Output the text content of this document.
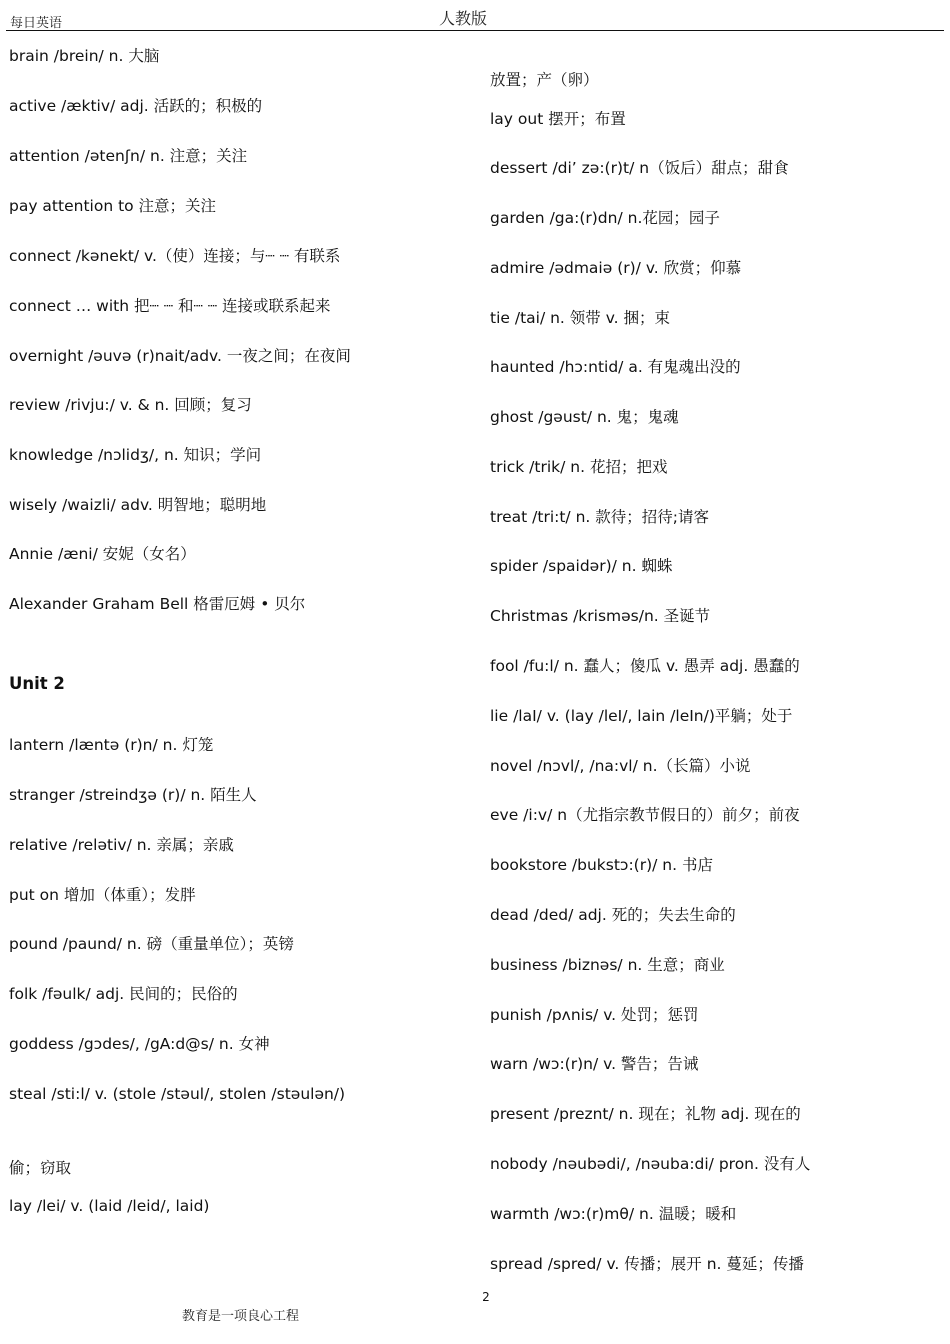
每日英语	人教版
brain /brein/ n. 大脑
active /æktiv/ adj. 活跃的；积极的
attention /ətenʃn/ n. 注意；关注
pay attention to 注意；关注
connect /kənekt/ v.（使）连接；与┈ ┈ 有联系
connect … with 把┈ ┈ 和┈ ┈ 连接或联系起来
overnight /əuvə (r)nait/adv. 一夜之间；在夜间
review /rivju:/ v. & n. 回顾；复习
knowledge /nɔlidʒ/, n. 知识；学问
wisely /waizli/ adv. 明智地；聪明地
Annie /æni/ 安妮（女名）
Alexander Graham Bell 格雷厄姆 • 贝尔
Unit 2
lantern /læntə (r)n/ n. 灯笼
stranger /streindʒə (r)/ n. 陌生人
relative /relətiv/ n. 亲属；亲戚
put on 增加（体重）；发胖
pound /paund/ n. 磅（重量单位）；英镑
folk /fəulk/ adj. 民间的；民俗的
goddess /gɔdes/, /gA:d@s/ n. 女神
steal /sti:l/ v. (stole /stəul/, stolen /stəulən/)
偷；窃取
lay /lei/ v. (laid /leid/, laid)
放置；产（卵）
lay out 摆开；布置
dessert /di’ zə:(r)t/ n（饭后）甜点；甜食
garden /ga:(r)dn/ n.花园；园子
admire /ədmaiə (r)/ v. 欣赏；仰慕
tie /tai/ n. 领带 v. 捆；束
haunted /hɔ:ntid/ a. 有鬼魂出没的
ghost /gəust/ n. 鬼；鬼魂
trick /trik/ n. 花招；把戏
treat /tri:t/ n. 款待；招待;请客
spider /spaidər)/ n. 蜘蛛
Christmas /krisməs/n. 圣诞节
fool /fu:l/ n. 蠢人；傻瓜 v. 愚弄 adj. 愚蠢的
lie /laI/ v. (lay /leI/, lain /leIn/)平躺；处于
novel /nɔvl/, /na:vl/ n.（长篇）小说
eve /i:v/ n（尤指宗教节假日的）前夕；前夜
bookstore /bukstɔ:(r)/ n. 书店
dead /ded/ adj. 死的；失去生命的
business /biznəs/ n. 生意；商业
punish /pʌnis/ v. 处罚；惩罚
warn /wɔ:(r)n/ v. 警告；告诫
present /preznt/ n. 现在；礼物 adj. 现在的
nobody /nəubədi/, /nəuba:di/ pron. 没有人
warmth /wɔ:(r)mθ/ n. 温暖；暖和
spread /spred/ v. 传播；展开 n. 蔓延；传播
2
教育是一项良心工程
